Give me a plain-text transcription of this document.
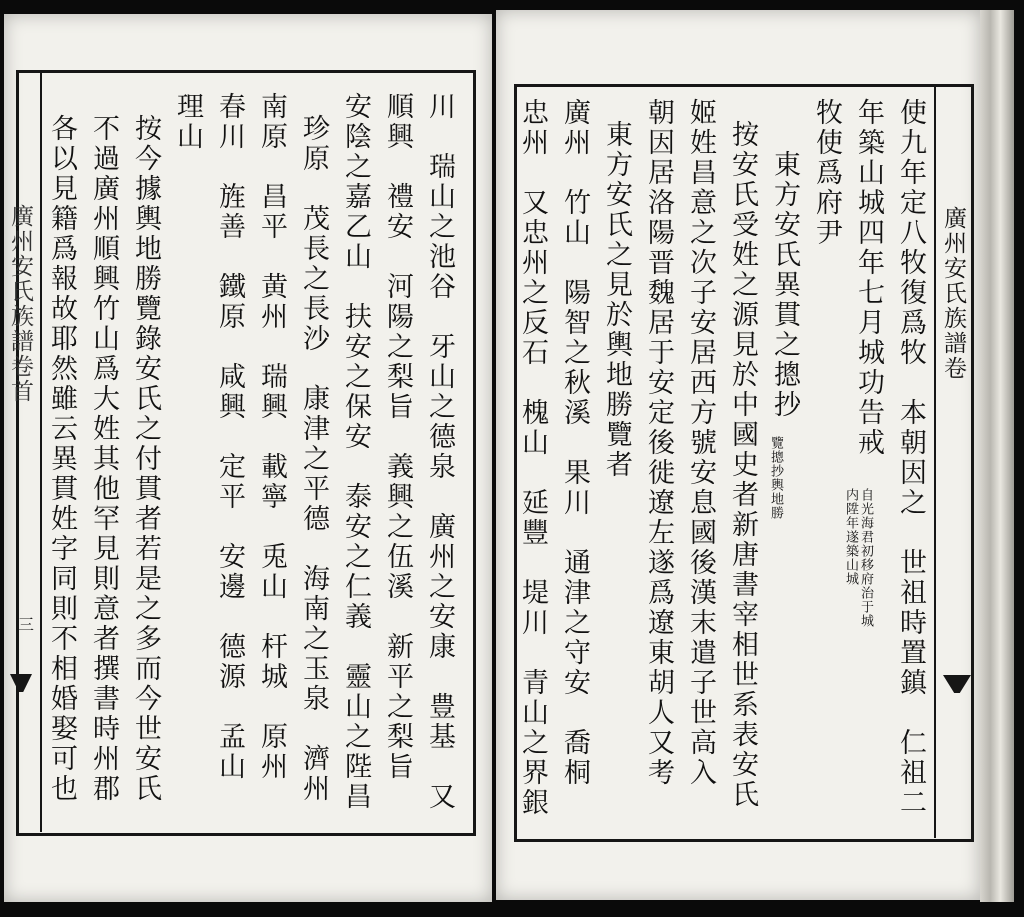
廣州安氏族譜卷
使九年定八牧復爲牧　本朝因之　世祖時置鎮　仁祖二
年築山城四年七月城功告戒
自光海君初移府治于城内陞年遂築山城
牧使爲府尹
東方安氏異貫之摠抄
覽摠抄輿地勝
按安氏受姓之源見於中國史者新唐書宰相世系表安氏
姬姓昌意之次子安居西方號安息國後漢末遣子世高入
朝因居洛陽晋魏居于安定後徙遼左遂爲遼東胡人又考
東方安氏之見於輿地勝覽者
廣州　竹山　陽智之秋溪　果川　通津之守安　喬桐
忠州　又忠州之反石　槐山　延豐　堤川　青山之界銀
廣州安氏族譜卷首
三	川　瑞山之池谷　牙山之德泉　廣州之安康　豊基　又
順興　禮安　河陽之梨旨　義興之伍溪　新平之梨旨
安陰之嘉乙山　扶安之保安　泰安之仁義　靈山之陛昌
珍原　茂長之長沙　康津之平德　海南之玉泉　濟州
南原　昌平　黄州　瑞興　載寧　兎山　杆城　原州
春川　旌善　鐵原　咸興　定平　安邊　德源　孟山
理山
按今據輿地勝覽錄安氏之付貫者若是之多而今世安氏
不過廣州順興竹山爲大姓其他罕見則意者撰書時州郡
各以見籍爲報故耶然雖云異貫姓字同則不相婚娶可也
